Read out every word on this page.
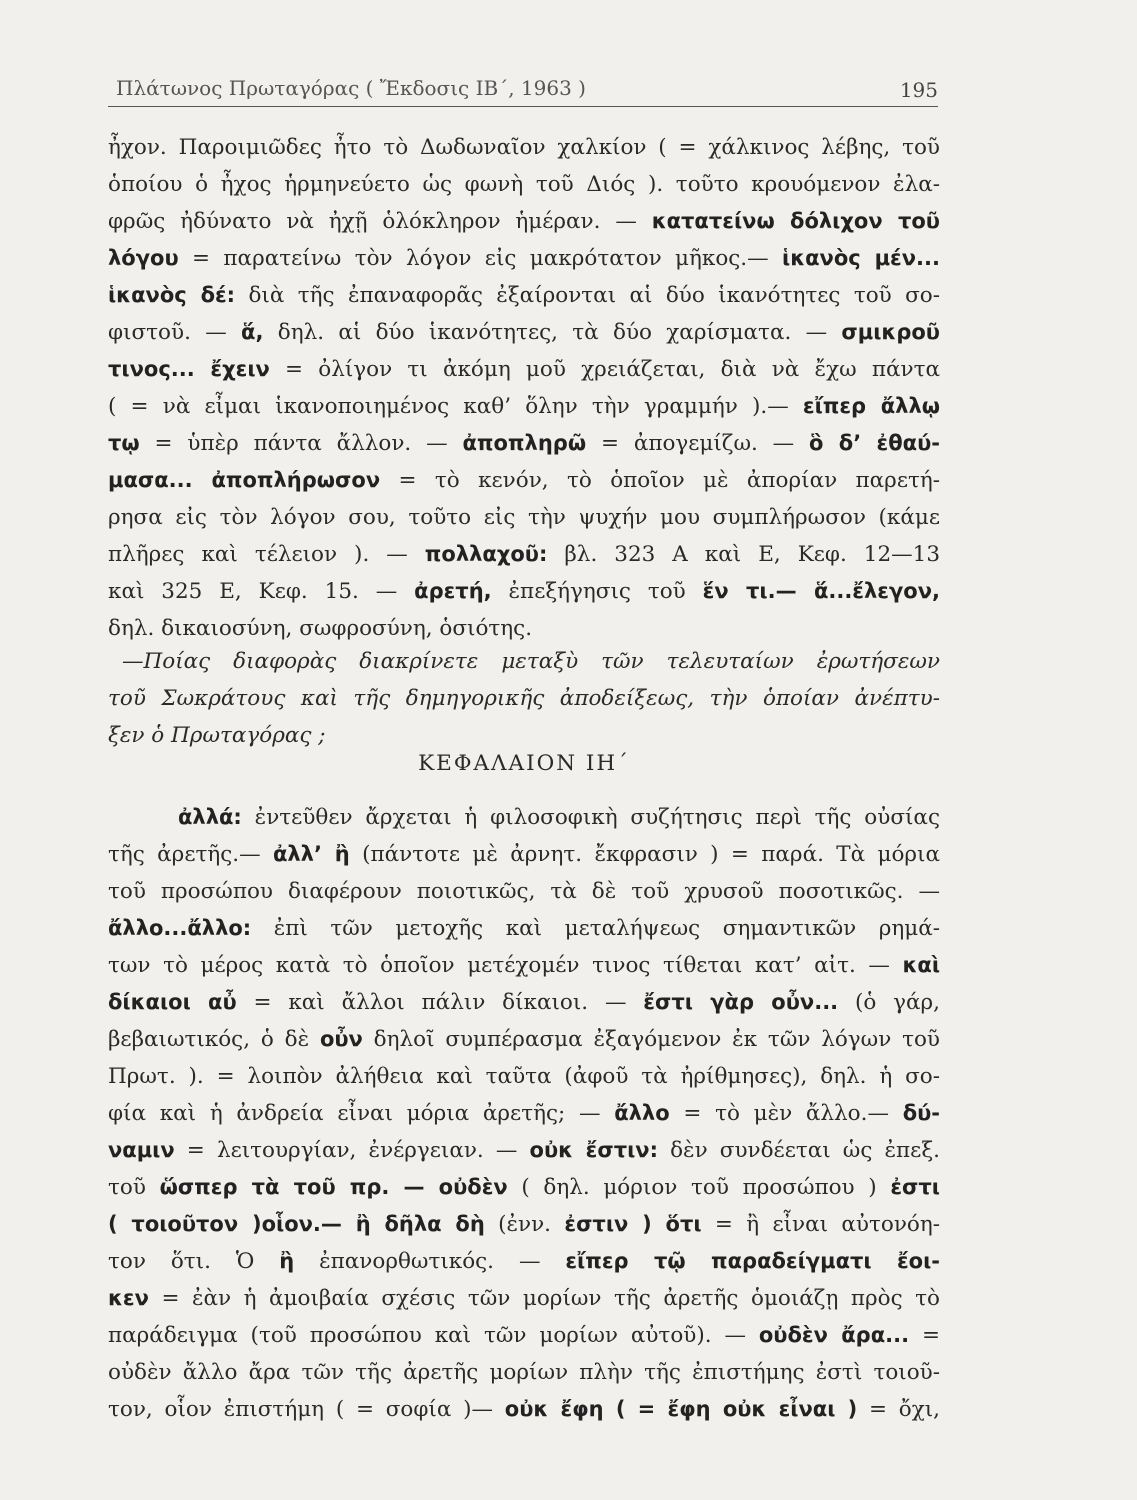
Πλάτωνος Πρωταγόρας ( Ἔκδοσις ΙΒ΄, 1963 )	195
ἦχον. Παροιμιῶδες ἦτο τὸ Δωδωναῖον χαλκίον ( = χάλκινος λέβης, τοῦ
ὁποίου ὁ ἦχος ἡρμηνεύετο ὡς φωνὴ τοῦ Διός ). τοῦτο κρουόμενον ἐλα-
φρῶς ἠδύνατο νὰ ἠχῇ ὁλόκληρον ἡμέραν. — κατατείνω δόλιχον τοῦ
λόγου = παρατείνω τὸν λόγον εἰς μακρότατον μῆκος.— ἱκανὸς μέν...
ἱκανὸς δέ: διὰ τῆς ἐπαναφορᾶς ἐξαίρονται αἱ δύο ἱκανότητες τοῦ σο-
φιστοῦ. — ἅ, δηλ. αἱ δύο ἱκανότητες, τὰ δύο χαρίσματα. — σμικροῦ
τινος... ἔχειν = ὀλίγον τι ἀκόμη μοῦ χρειάζεται, διὰ νὰ ἔχω πάντα
( = νὰ εἶμαι ἱκανοποιημένος καθ’ ὅλην τὴν γραμμήν ).— εἴπερ ἄλλῳ
τῳ = ὑπὲρ πάντα ἄλλον. — ἀποπληρῶ = ἀπογεμίζω. — ὃ δ’ ἐθαύ-
μασα... ἀποπλήρωσον = τὸ κενόν, τὸ ὁποῖον μὲ ἀπορίαν παρετή-
ρησα εἰς τὸν λόγον σου, τοῦτο εἰς τὴν ψυχήν μου συμπλήρωσον (κάμε
πλῆρες καὶ τέλειον ). — πολλαχοῦ: βλ. 323 Α καὶ Ε, Κεφ. 12—13
καὶ 325 Ε, Κεφ. 15. — ἀρετή, ἐπεξήγησις τοῦ ἕν τι.— ἅ...ἔλεγον,
δηλ. δικαιοσύνη, σωφροσύνη, ὁσιότης.
—Ποίας διαφορὰς διακρίνετε μεταξὺ τῶν τελευταίων ἐρωτήσεων
τοῦ Σωκράτους καὶ τῆς δημηγορικῆς ἀποδείξεως, τὴν ὁποίαν ἀνέπτυ-
ξεν ὁ Πρωταγόρας ;
ΚΕΦΑΛΑΙΟΝ ΙΗ΄
ἀλλά: ἐντεῦθεν ἄρχεται ἡ φιλοσοφικὴ συζήτησις περὶ τῆς οὐσίας
τῆς ἀρετῆς.— ἀλλ’ ἢ (πάντοτε μὲ ἀρνητ. ἔκφρασιν ) = παρά. Τὰ μόρια
τοῦ προσώπου διαφέρουν ποιοτικῶς, τὰ δὲ τοῦ χρυσοῦ ποσοτικῶς. —
ἄλλο...ἄλλο: ἐπὶ τῶν μετοχῆς καὶ μεταλήψεως σημαντικῶν ρημά-
των τὸ μέρος κατὰ τὸ ὁποῖον μετέχομέν τινος τίθεται κατ’ αἰτ. — καὶ
δίκαιοι αὖ = καὶ ἄλλοι πάλιν δίκαιοι. — ἔστι γὰρ οὖν... (ὁ γάρ,
βεβαιωτικός, ὁ δὲ οὖν δηλοῖ συμπέρασμα ἐξαγόμενον ἐκ τῶν λόγων τοῦ
Πρωτ. ). = λοιπὸν ἀλήθεια καὶ ταῦτα (ἀφοῦ τὰ ἠρίθμησες), δηλ. ἡ σο-
φία καὶ ἡ ἀνδρεία εἶναι μόρια ἀρετῆς; — ἄλλο = τὸ μὲν ἄλλο.— δύ-
ναμιν = λειτουργίαν, ἐνέργειαν. — οὐκ ἔστιν: δὲν συνδέεται ὡς ἐπεξ.
τοῦ ὥσπερ τὰ τοῦ πρ. — οὐδὲν ( δηλ. μόριον τοῦ προσώπου ) ἐστι
( τοιοῦτον )οἷον.— ἢ δῆλα δὴ (ἐνν. ἐστιν ) ὅτι = ἢ εἶναι αὐτονόη-
τον ὅτι. Ὁ ἢ ἐπανορθωτικός. — εἴπερ τῷ παραδείγματι ἔοι-
κεν = ἐὰν ἡ ἀμοιβαία σχέσις τῶν μορίων τῆς ἀρετῆς ὁμοιάζῃ πρὸς τὸ
παράδειγμα (τοῦ προσώπου καὶ τῶν μορίων αὐτοῦ). — οὐδὲν ἄρα... =
οὐδὲν ἄλλο ἄρα τῶν τῆς ἀρετῆς μορίων πλὴν τῆς ἐπιστήμης ἐστὶ τοιοῦ-
τον, οἷον ἐπιστήμη ( = σοφία )— οὐκ ἔφη ( = ἔφη οὐκ εἶναι ) = ὄχι,
